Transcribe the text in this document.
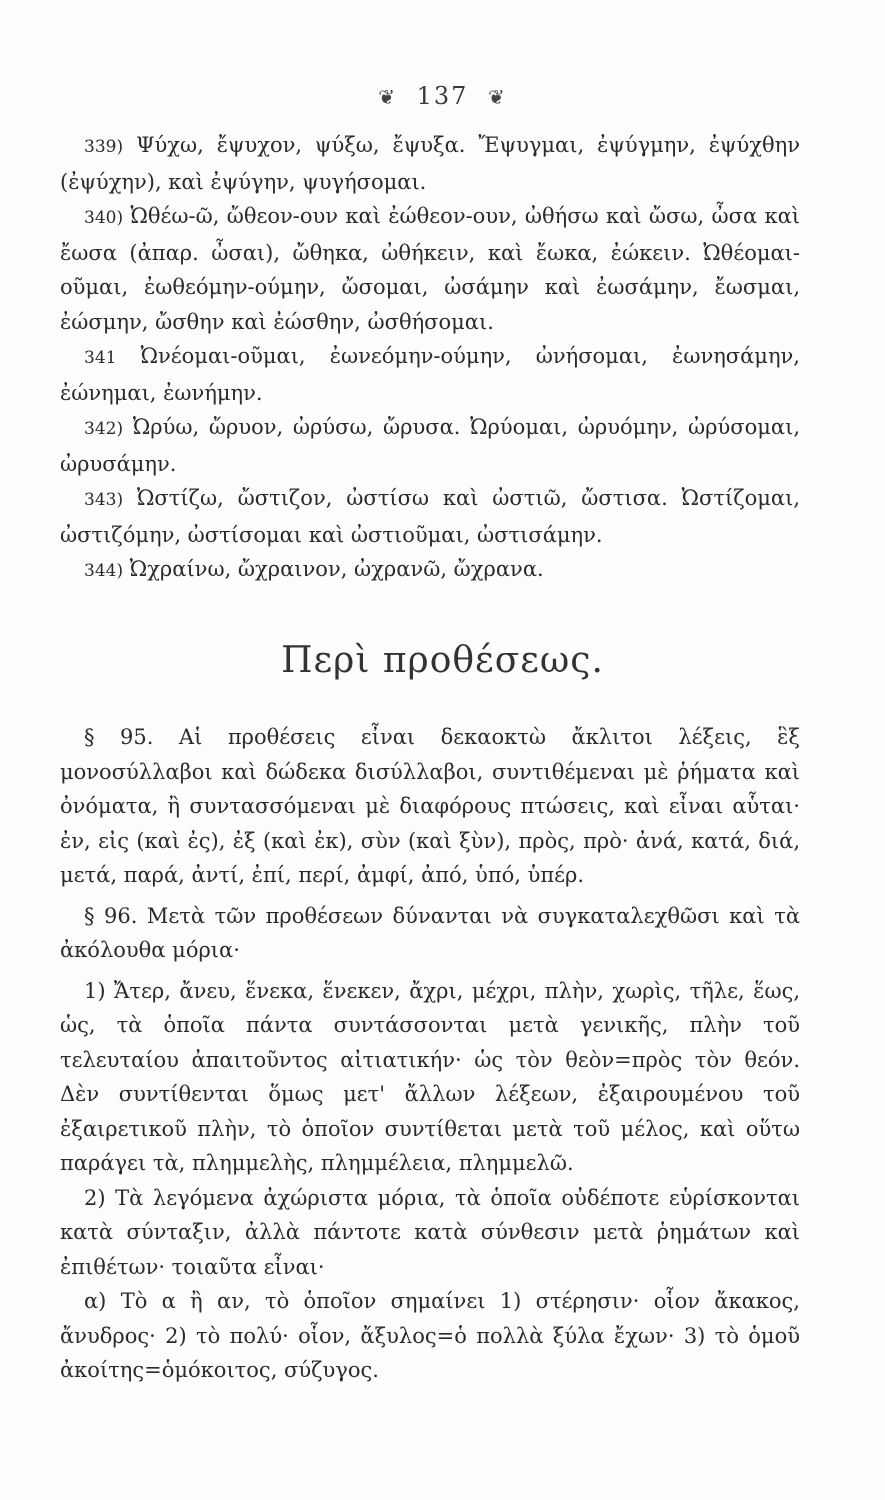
❦ 137 ❦

339) Ψύχω, ἔψυχον, ψύξω, ἔψυξα. Ἔψυγμαι, ἐψύγμην, ἐψύχθην (ἐψύχην), καὶ ἐψύγην, ψυγήσομαι.

340) Ὠθέω-ῶ, ὤθεον-ουν καὶ ἐώθεον-ουν, ὠθήσω καὶ ὤσω, ὦσα καὶ ἔωσα (ἀπαρ. ὦσαι), ὤθηκα, ὠθήκειν, καὶ ἔωκα, ἐώκειν. Ὠθέομαι-οῦμαι, ἐωθεόμην-ούμην, ὤσομαι, ὠσάμην καὶ ἐωσάμην, ἔωσμαι, ἐώσμην, ὤσθην καὶ ἐώσθην, ὠσθήσομαι.

341 Ὠνέομαι-οῦμαι, ἐωνεόμην-ούμην, ὠνήσομαι, ἐωνησάμην, ἐώνημαι, ἐωνήμην.

342) Ὠρύω, ὤρυον, ὠρύσω, ὤρυσα. Ὠρύομαι, ὠρυόμην, ὠρύσομαι, ὠρυσάμην.

343) Ὠστίζω, ὤστιζον, ὠστίσω καὶ ὠστιῶ, ὤστισα. Ὠστίζομαι, ὠστιζόμην, ὠστίσομαι καὶ ὠστιοῦμαι, ὠστισάμην.

344) Ὠχραίνω, ὤχραινον, ὠχρανῶ, ὤχρανα.

Περὶ προθέσεως.

§ 95. Αἱ προθέσεις εἶναι δεκαοκτὼ ἄκλιτοι λέξεις, ἓξ μονοσύλλαβοι καὶ δώδεκα δισύλλαβοι, συντιθέμεναι μὲ ῥήματα καὶ ὀνόματα, ἢ συντασσόμεναι μὲ διαφόρους πτώσεις, καὶ εἶναι αὗται· ἐν, εἰς (καὶ ἐς), ἐξ (καὶ ἐκ), σὺν (καὶ ξὺν), πρὸς, πρὸ· ἀνά, κατά, διά, μετά, παρά, ἀντί, ἐπί, περί, ἀμφί, ἀπό, ὑπό, ὑπέρ.

§ 96. Μετὰ τῶν προθέσεων δύνανται νὰ συγκαταλεχθῶσι καὶ τὰ ἀκόλουθα μόρια·

1) Ἄτερ, ἄνευ, ἕνεκα, ἕνεκεν, ἄχρι, μέχρι, πλὴν, χωρὶς, τῆλε, ἕως, ὡς, τὰ ὁποῖα πάντα συντάσσονται μετὰ γενικῆς, πλὴν τοῦ τελευταίου ἀπαιτοῦντος αἰτιατικήν· ὡς τὸν θεὸν=πρὸς τὸν θεόν. Δὲν συντίθενται ὅμως μετ' ἄλλων λέξεων, ἐξαιρουμένου τοῦ ἐξαιρετικοῦ πλὴν, τὸ ὁποῖον συντίθεται μετὰ τοῦ μέλος, καὶ οὕτω παράγει τὰ, πλημμελὴς, πλημμέλεια, πλημμελῶ.

2) Τὰ λεγόμενα ἀχώριστα μόρια, τὰ ὁποῖα οὐδέποτε εὑρίσκονται κατὰ σύνταξιν, ἀλλὰ πάντοτε κατὰ σύνθεσιν μετὰ ῥημάτων καὶ ἐπιθέτων· τοιαῦτα εἶναι·

α) Τὸ α ἢ αν, τὸ ὁποῖον σημαίνει 1) στέρησιν· οἷον ἄκακος, ἄνυδρος· 2) τὸ πολύ· οἷον, ἄξυλος=ὁ πολλὰ ξύλα ἔχων· 3) τὸ ὁμοῦ ἀκοίτης=ὁμόκοιτος, σύζυγος.
